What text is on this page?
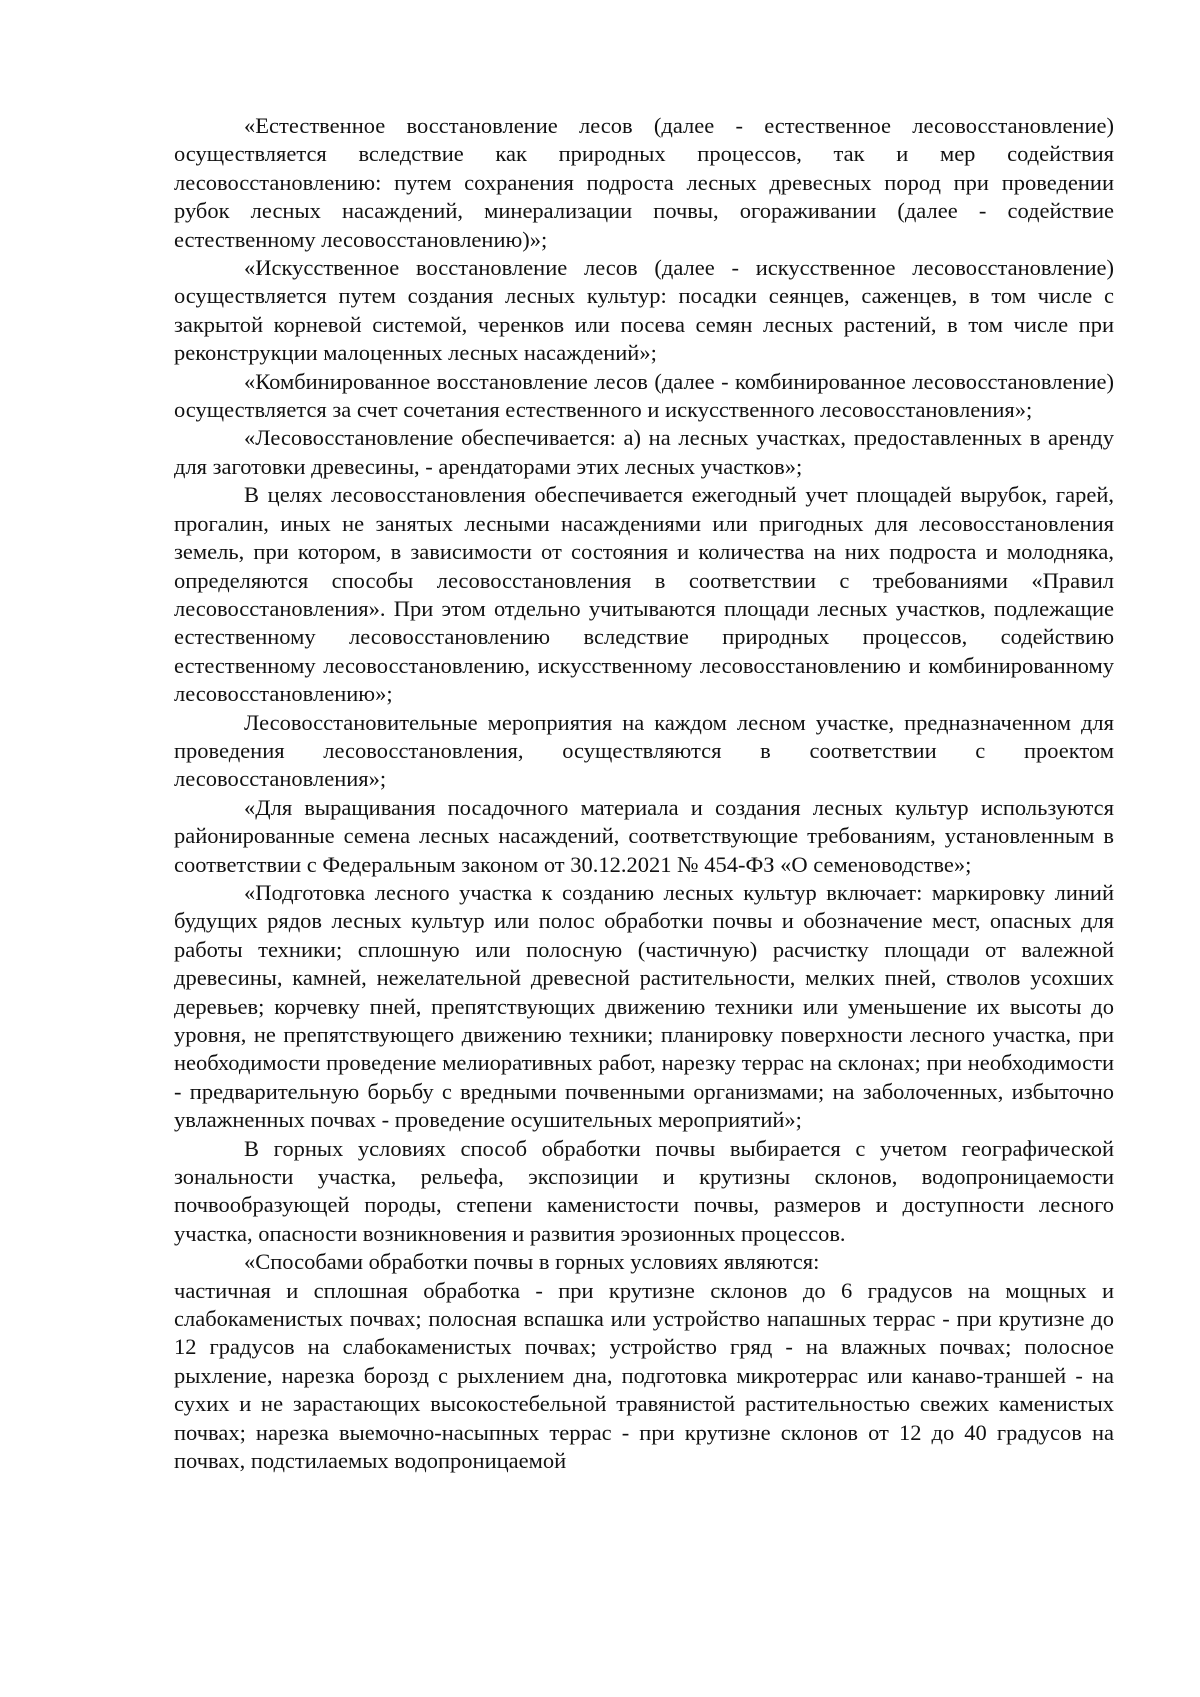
«Естественное восстановление лесов (далее - естественное лесовосстановление) осуществляется вследствие как природных процессов, так и мер содействия лесовосстановлению: путем сохранения подроста лесных древесных пород при проведении рубок лесных насаждений, минерализации почвы, огораживании (далее - содействие естественному лесовосстановлению)»;

«Искусственное восстановление лесов (далее - искусственное лесовосстановление) осуществляется путем создания лесных культур: посадки сеянцев, саженцев, в том числе с закрытой корневой системой, черенков или посева семян лесных растений, в том числе при реконструкции малоценных лесных насаждений»;

«Комбинированное восстановление лесов (далее - комбинированное лесовосстановление) осуществляется за счет сочетания естественного и искусственного лесовосстановления»;

«Лесовосстановление обеспечивается: а) на лесных участках, предоставленных в аренду для заготовки древесины, - арендаторами этих лесных участков»;

В целях лесовосстановления обеспечивается ежегодный учет площадей вырубок, гарей, прогалин, иных не занятых лесными насаждениями или пригодных для лесовосстановления земель, при котором, в зависимости от состояния и количества на них подроста и молодняка, определяются способы лесовосстановления в соответствии с требованиями «Правил лесовосстановления». При этом отдельно учитываются площади лесных участков, подлежащие естественному лесовосстановлению вследствие природных процессов, содействию естественному лесовосстановлению, искусственному лесовосстановлению и комбинированному лесовосстановлению»;

Лесовосстановительные мероприятия на каждом лесном участке, предназначенном для проведения лесовосстановления, осуществляются в соответствии с проектом лесовосстановления»;

«Для выращивания посадочного материала и создания лесных культур используются районированные семена лесных насаждений, соответствующие требованиям, установленным в соответствии с Федеральным законом от 30.12.2021 № 454-ФЗ «О семеноводстве»;

«Подготовка лесного участка к созданию лесных культур включает: маркировку линий будущих рядов лесных культур или полос обработки почвы и обозначение мест, опасных для работы техники; сплошную или полосную (частичную) расчистку площади от валежной древесины, камней, нежелательной древесной растительности, мелких пней, стволов усохших деревьев; корчевку пней, препятствующих движению техники или уменьшение их высоты до уровня, не препятствующего движению техники; планировку поверхности лесного участка, при необходимости проведение мелиоративных работ, нарезку террас на склонах; при необходимости - предварительную борьбу с вредными почвенными организмами; на заболоченных, избыточно увлажненных почвах - проведение осушительных мероприятий»;

В горных условиях способ обработки почвы выбирается с учетом географической зональности участка, рельефа, экспозиции и крутизны склонов, водопроницаемости почвообразующей породы, степени каменистости почвы, размеров и доступности лесного участка, опасности возникновения и развития эрозионных процессов.

«Способами обработки почвы в горных условиях являются:

частичная и сплошная обработка - при крутизне склонов до 6 градусов на мощных и слабокаменистых почвах; полосная вспашка или устройство напашных террас - при крутизне до 12 градусов на слабокаменистых почвах; устройство гряд - на влажных почвах; полосное рыхление, нарезка борозд с рыхлением дна, подготовка микротеррас или канаво-траншей - на сухих и не зарастающих высокостебельной травянистой растительностью свежих каменистых почвах; нарезка выемочно-насыпных террас - при крутизне склонов от 12 до 40 градусов на почвах, подстилаемых водопроницаемой
